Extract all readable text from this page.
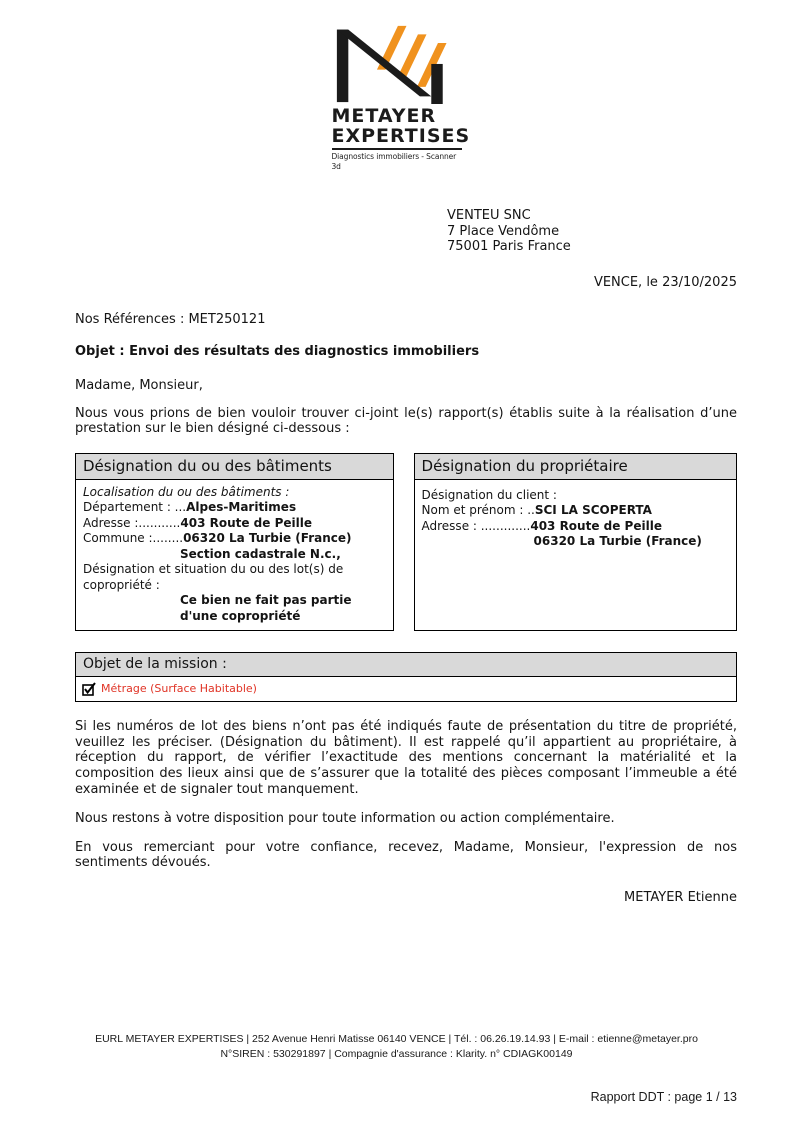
METAYER
EXPERTISES
Diagnostics immobiliers - Scanner 3d
VENTEU SNC
7 Place Vendôme
75001 Paris France
VENCE, le 23/10/2025
Nos Références : MET250121
Objet : Envoi des résultats des diagnostics immobiliers
Madame, Monsieur,

Nous vous prions de bien vouloir trouver ci-joint le(s) rapport(s) établis suite à la réalisation d’une prestation sur le bien désigné ci-dessous :

Désignation du ou des bâtiments
Localisation du ou des bâtiments :
Département : ...Alpes-Maritimes
Adresse :...........403 Route de Peille
Commune :........06320 La Turbie (France)
Section cadastrale N.c.,
Désignation et situation du ou des lot(s) de copropriété :
Ce bien ne fait pas partie d'une copropriété
Désignation du propriétaire
Désignation du client :
Nom et prénom : ..SCI LA SCOPERTA
Adresse : .............403 Route de Peille
06320 La Turbie (France)
Objet de la mission :
Métrage (Surface Habitable)

Si les numéros de lot des biens n’ont pas été indiqués faute de présentation du titre de propriété, veuillez les préciser. (Désignation du bâtiment). Il est rappelé qu’il appartient au propriétaire, à réception du rapport, de vérifier l’exactitude des mentions concernant la matérialité et la composition des lieux ainsi que de s’assurer que la totalité des pièces composant l’immeuble a été examinée et de signaler tout manquement.

Nous restons à votre disposition pour toute information ou action complémentaire.

En vous remerciant pour votre confiance, recevez, Madame, Monsieur, l'expression de nos sentiments dévoués.

METAYER Etienne
EURL METAYER EXPERTISES | 252 Avenue Henri Matisse 06140 VENCE | Tél. : 06.26.19.14.93 | E-mail : etienne@metayer.pro
N°SIREN : 530291897 | Compagnie d'assurance : Klarity. n° CDIAGK00149
Rapport DDT : page 1 / 13
